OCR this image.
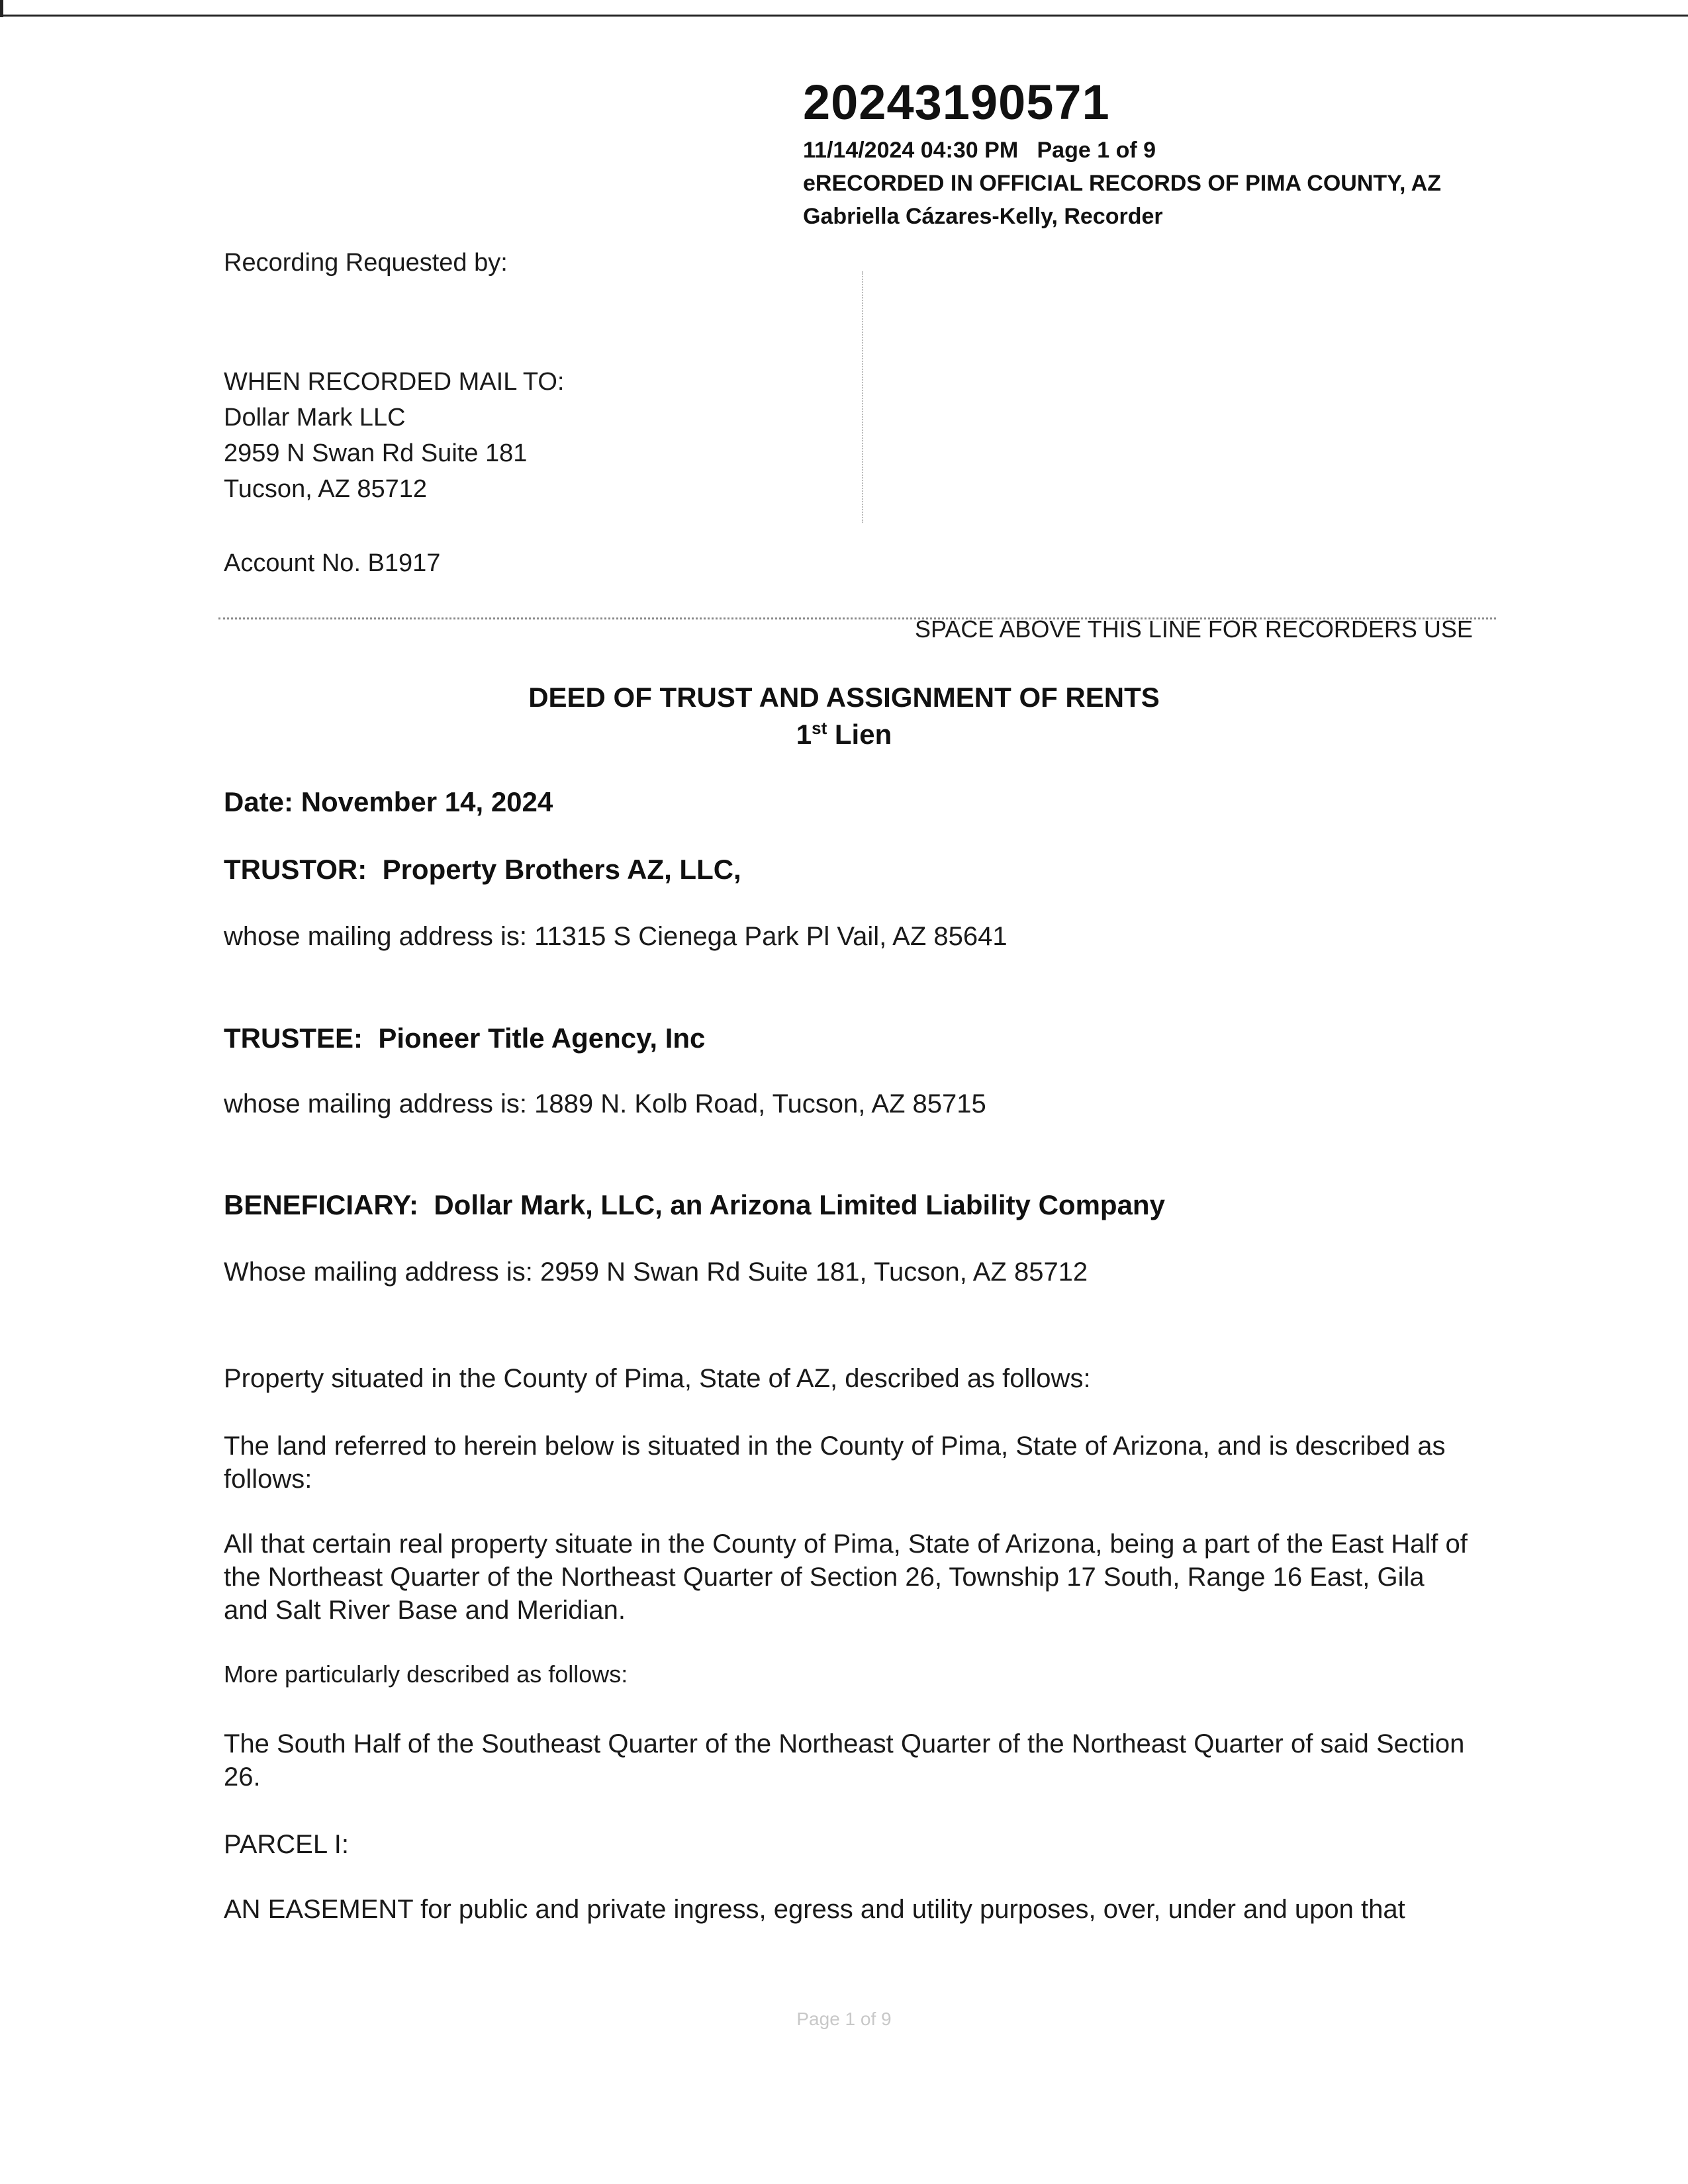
20243190571
11/14/2024 04:30 PM Page 1 of 9
eRECORDED IN OFFICIAL RECORDS OF PIMA COUNTY, AZ
Gabriella Cázares-Kelly, Recorder
Recording Requested by:
WHEN RECORDED MAIL TO:
Dollar Mark LLC
2959 N Swan Rd Suite 181
Tucson, AZ 85712
Account No. B1917
SPACE ABOVE THIS LINE FOR RECORDERS USE
DEED OF TRUST AND ASSIGNMENT OF RENTS
1st Lien
Date: November 14, 2024
TRUSTOR: Property Brothers AZ, LLC,
whose mailing address is: 11315 S Cienega Park Pl Vail, AZ 85641
TRUSTEE: Pioneer Title Agency, Inc
whose mailing address is: 1889 N. Kolb Road, Tucson, AZ 85715
BENEFICIARY: Dollar Mark, LLC, an Arizona Limited Liability Company
Whose mailing address is: 2959 N Swan Rd Suite 181, Tucson, AZ 85712
Property situated in the County of Pima, State of AZ, described as follows:
The land referred to herein below is situated in the County of Pima, State of Arizona, and is described as follows:
All that certain real property situate in the County of Pima, State of Arizona, being a part of the East Half of the Northeast Quarter of the Northeast Quarter of Section 26, Township 17 South, Range 16 East, Gila and Salt River Base and Meridian.
More particularly described as follows:
The South Half of the Southeast Quarter of the Northeast Quarter of the Northeast Quarter of said Section 26.
PARCEL I:
AN EASEMENT for public and private ingress, egress and utility purposes, over, under and upon that
Page 1 of 9
